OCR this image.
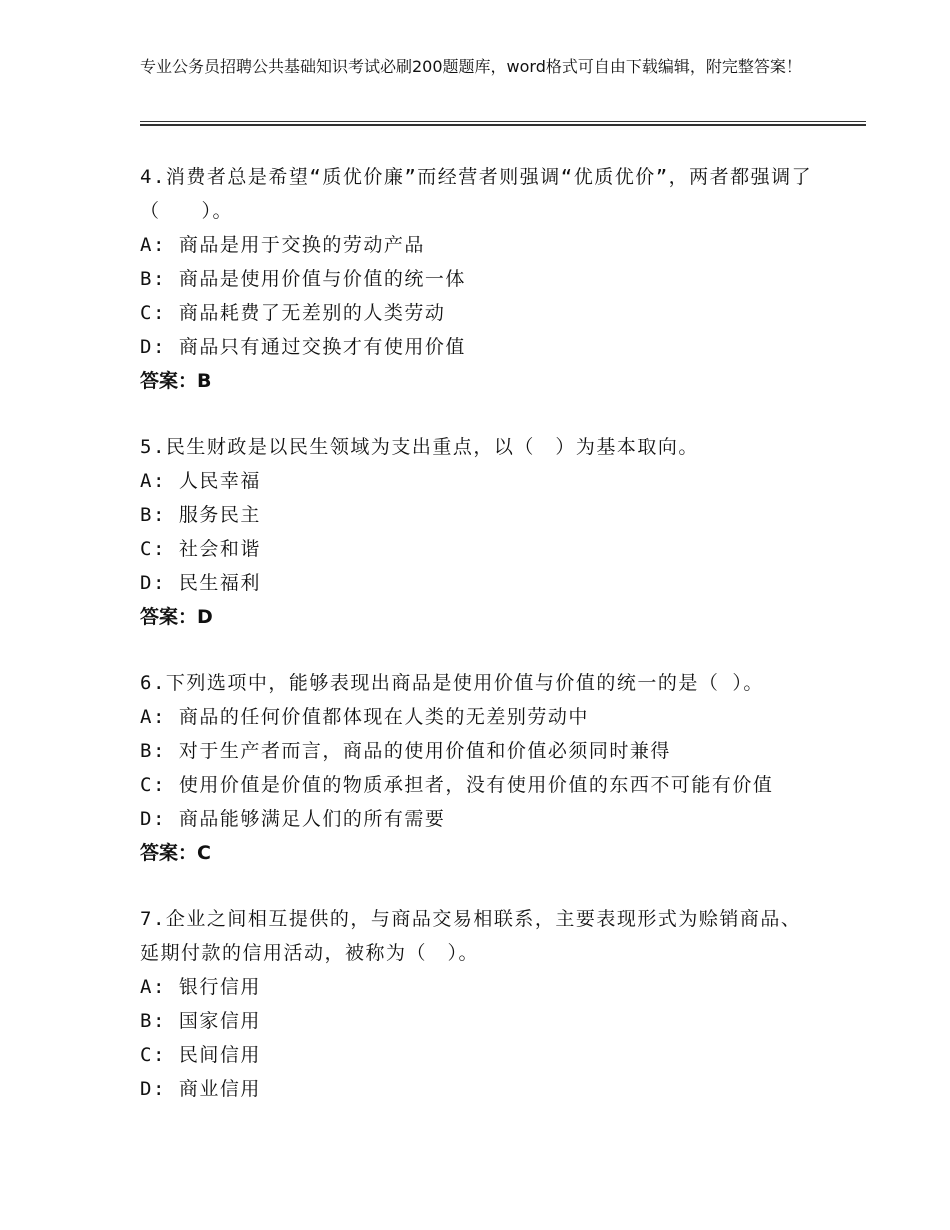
专业公务员招聘公共基础知识考试必刷200题题库，word格式可自由下载编辑，附完整答案！
4.消费者总是希望“质优价廉”而经营者则强调“优质优价”，两者都强调了（　　）。
A: 商品是用于交换的劳动产品
B: 商品是使用价值与价值的统一体
C: 商品耗费了无差别的人类劳动
D: 商品只有通过交换才有使用价值
答案：B
5.民生财政是以民生领域为支出重点，以（　）为基本取向。
A: 人民幸福
B: 服务民主
C: 社会和谐
D: 民生福利
答案：D
6.下列选项中，能够表现出商品是使用价值与价值的统一的是（ ）。
A: 商品的任何价值都体现在人类的无差别劳动中
B: 对于生产者而言，商品的使用价值和价值必须同时兼得
C: 使用价值是价值的物质承担者，没有使用价值的东西不可能有价值
D: 商品能够满足人们的所有需要
答案：C
7.企业之间相互提供的，与商品交易相联系，主要表现形式为赊销商品、延期付款的信用活动，被称为（　）。
A: 银行信用
B: 国家信用
C: 民间信用
D: 商业信用
